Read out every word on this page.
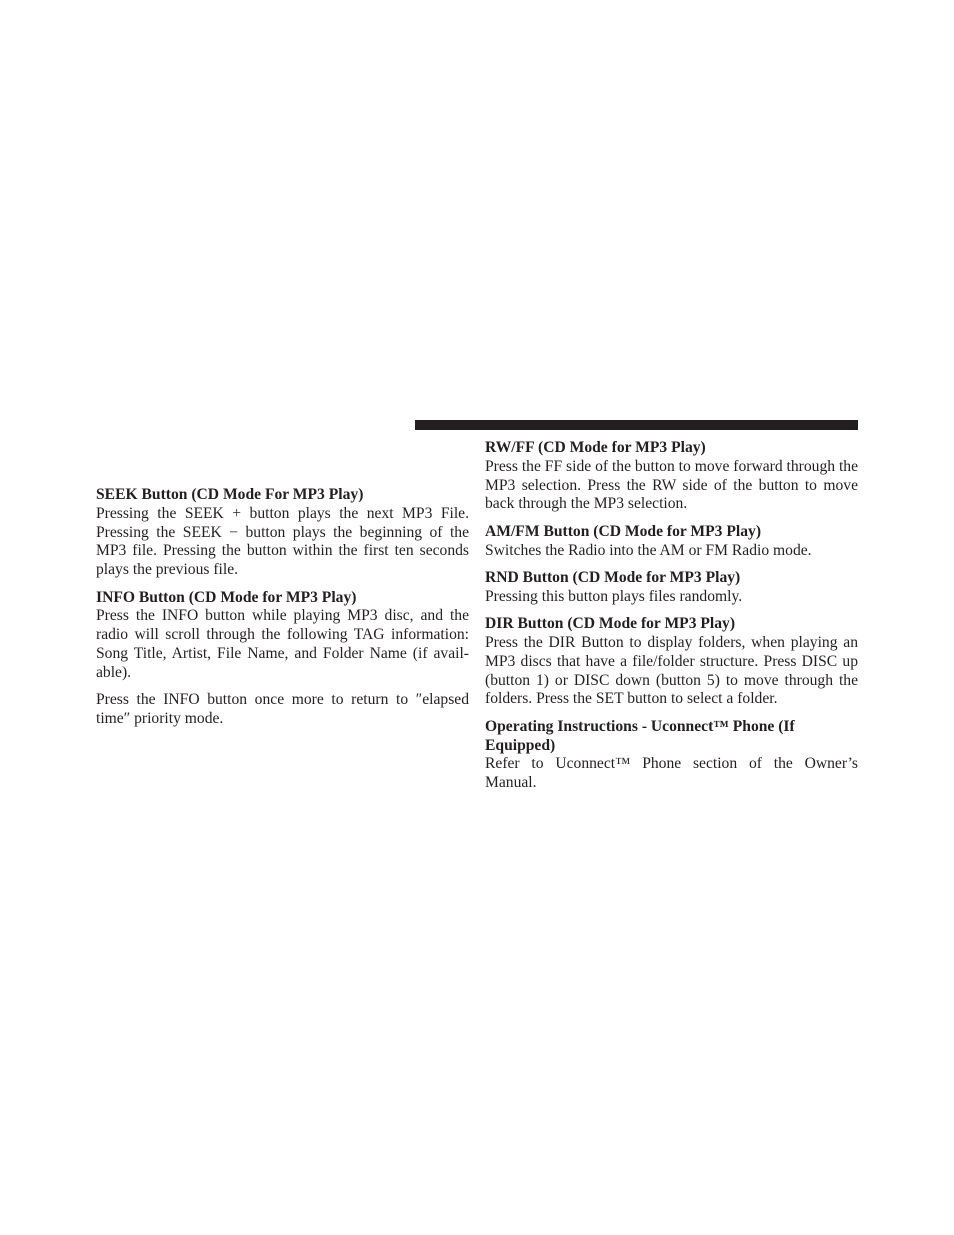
SEEK Button (CD Mode For MP3 Play)

Pressing the SEEK + button plays the next MP3 File. Pressing the SEEK − button plays the beginning of the MP3 file. Pressing the button within the first ten seconds plays the previous file.

INFO Button (CD Mode for MP3 Play)

Press the INFO button while playing MP3 disc, and the radio will scroll through the following TAG information: Song Title, Artist, File Name, and Folder Name (if avail-able).

Press the INFO button once more to return to ″elapsed time″ priority mode.

RW/FF (CD Mode for MP3 Play)

Press the FF side of the button to move forward through the MP3 selection. Press the RW side of the button to move back through the MP3 selection.

AM/FM Button (CD Mode for MP3 Play)

Switches the Radio into the AM or FM Radio mode.

RND Button (CD Mode for MP3 Play)

Pressing this button plays files randomly.

DIR Button (CD Mode for MP3 Play)

Press the DIR Button to display folders, when playing an MP3 discs that have a file/folder structure. Press DISC up (button 1) or DISC down (button 5) to move through the folders. Press the SET button to select a folder.

Operating Instructions - Uconnect™ Phone (If Equipped)

Refer to Uconnect™ Phone section of the Owner’s Manual.
